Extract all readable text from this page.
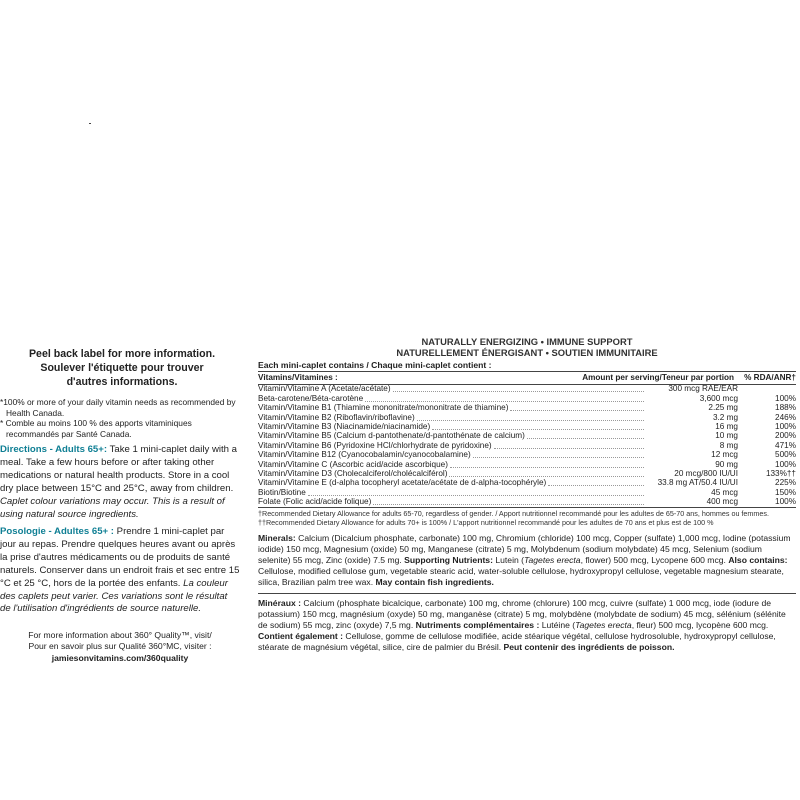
Peel back label for more information.
Soulever l'étiquette pour trouver
d'autres informations.
*100% or more of your daily vitamin needs as recommended by Health Canada.
* Comble au moins 100 % des apports vitaminiques recommandés par Santé Canada.
Directions - Adults 65+: Take 1 mini-caplet daily with a meal. Take a few hours before or after taking other medications or natural health products. Store in a cool dry place between 15°C and 25°C, away from children. Caplet colour variations may occur. This is a result of using natural source ingredients.
Posologie - Adultes 65+ : Prendre 1 mini-caplet par jour au repas. Prendre quelques heures avant ou après la prise d'autres médicaments ou de produits de santé naturels. Conserver dans un endroit frais et sec entre 15 °C et 25 °C, hors de la portée des enfants. La couleur des caplets peut varier. Ces variations sont le résultat de l'utilisation d'ingrédients de source naturelle.
For more information about 360° Quality™, visit/
Pour en savoir plus sur Qualité 360°MC, visiter :
jamiesonvitamins.com/360quality
NATURALLY ENERGIZING • IMMUNE SUPPORT
NATURELLEMENT ÉNERGISANT • SOUTIEN IMMUNITAIRE
Each mini-caplet contains / Chaque mini-caplet contient :
Vitamins/Vitamines :	Amount per serving/Teneur par portion	% RDA/ANR†
Vitamin/Vitamine A (Acetate/acétate)	300 mcg RAE/EAR
Beta-carotene/Béta-carotène	3,600 mcg	100%
Vitamin/Vitamine B1 (Thiamine mononitrate/mononitrate de thiamine)	2.25 mg	188%
Vitamin/Vitamine B2 (Riboflavin/riboflavine)	3.2 mg	246%
Vitamin/Vitamine B3 (Niacinamide/niacinamide)	16 mg	100%
Vitamin/Vitamine B5 (Calcium d-pantothenate/d-pantothénate de calcium)	10 mg	200%
Vitamin/Vitamine B6 (Pyridoxine HCl/chlorhydrate de pyridoxine)	8 mg	471%
Vitamin/Vitamine B12 (Cyanocobalamin/cyanocobalamine)	12 mcg	500%
Vitamin/Vitamine C (Ascorbic acid/acide ascorbique)	90 mg	100%
Vitamin/Vitamine D3 (Cholecalciferol/cholécalciférol)	20 mcg/800 IU/UI	133%††
Vitamin/Vitamine E (d-alpha tocopheryl acetate/acétate de d-alpha-tocophéryle)	33.8 mg AT/50.4 IU/UI	225%
Biotin/Biotine	45 mcg	150%
Folate (Folic acid/acide folique)	400 mcg	100%
†Recommended Dietary Allowance for adults 65-70, regardless of gender. / Apport nutritionnel recommandé pour les adultes de 65-70 ans, hommes ou femmes.
††Recommended Dietary Allowance for adults 70+ is 100% / L'apport nutritionnel recommandé pour les adultes de 70 ans et plus est de 100 %
Minerals: Calcium (Dicalcium phosphate, carbonate) 100 mg, Chromium (chloride) 100 mcg, Copper (sulfate) 1,000 mcg, Iodine (potassium iodide) 150 mcg, Magnesium (oxide) 50 mg, Manganese (citrate) 5 mg, Molybdenum (sodium molybdate) 45 mcg, Selenium (sodium selenite) 55 mcg, Zinc (oxide) 7.5 mg. Supporting Nutrients: Lutein (Tagetes erecta, flower) 500 mcg, Lycopene 600 mcg. Also contains: Cellulose, modified cellulose gum, vegetable stearic acid, water-soluble cellulose, hydroxypropyl cellulose, vegetable magnesium stearate, silica, Brazilian palm tree wax. May contain fish ingredients.
Minéraux : Calcium (phosphate bicalcique, carbonate) 100 mg, chrome (chlorure) 100 mcg, cuivre (sulfate) 1 000 mcg, iode (iodure de potassium) 150 mcg, magnésium (oxyde) 50 mg, manganèse (citrate) 5 mg, molybdène (molybdate de sodium) 45 mcg, sélénium (sélénite de sodium) 55 mcg, zinc (oxyde) 7,5 mg. Nutriments complémentaires : Lutéine (Tagetes erecta, fleur) 500 mcg, lycopène 600 mcg. Contient également : Cellulose, gomme de cellulose modifiée, acide stéarique végétal, cellulose hydrosoluble, hydroxypropyl cellulose, stéarate de magnésium végétal, silice, cire de palmier du Brésil. Peut contenir des ingrédients de poisson.
